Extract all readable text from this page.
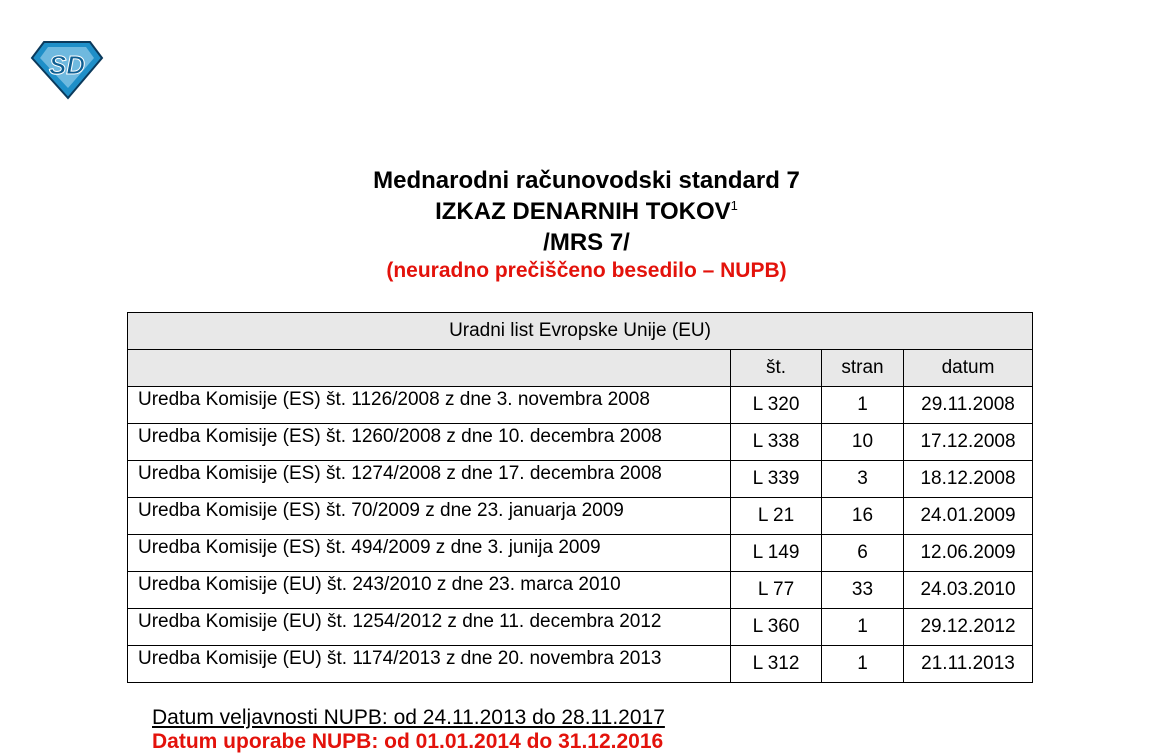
SD
Mednarodni računovodski standard 7
IZKAZ DENARNIH TOKOV$^1$
/MRS 7/
(neuradno prečiščeno besedilo – NUPB)
Uradni list Evropske Unije (EU)			
	št.	stran	datum
Uredba Komisije (ES) št. 1126/2008 z dne 3. novembra 2008	L 320	1	29.11.2008
Uredba Komisije (ES) št. 1260/2008 z dne 10. decembra 2008	L 338	10	17.12.2008
Uredba Komisije (ES) št. 1274/2008 z dne 17. decembra 2008	L 339	3	18.12.2008
Uredba Komisije (ES) št. 70/2009 z dne 23. januarja 2009	L 21	16	24.01.2009
Uredba Komisije (ES) št. 494/2009 z dne 3. junija 2009	L 149	6	12.06.2009
Uredba Komisije (EU) št. 243/2010 z dne 23. marca 2010	L 77	33	24.03.2010
Uredba Komisije (EU) št. 1254/2012 z dne 11. decembra 2012	L 360	1	29.12.2012
Uredba Komisije (EU) št. 1174/2013 z dne 20. novembra 2013	L 312	1	21.11.2013
Datum veljavnosti NUPB: od 24.11.2013 do 28.11.2017
Datum uporabe NUPB: od 01.01.2014 do 31.12.2016
